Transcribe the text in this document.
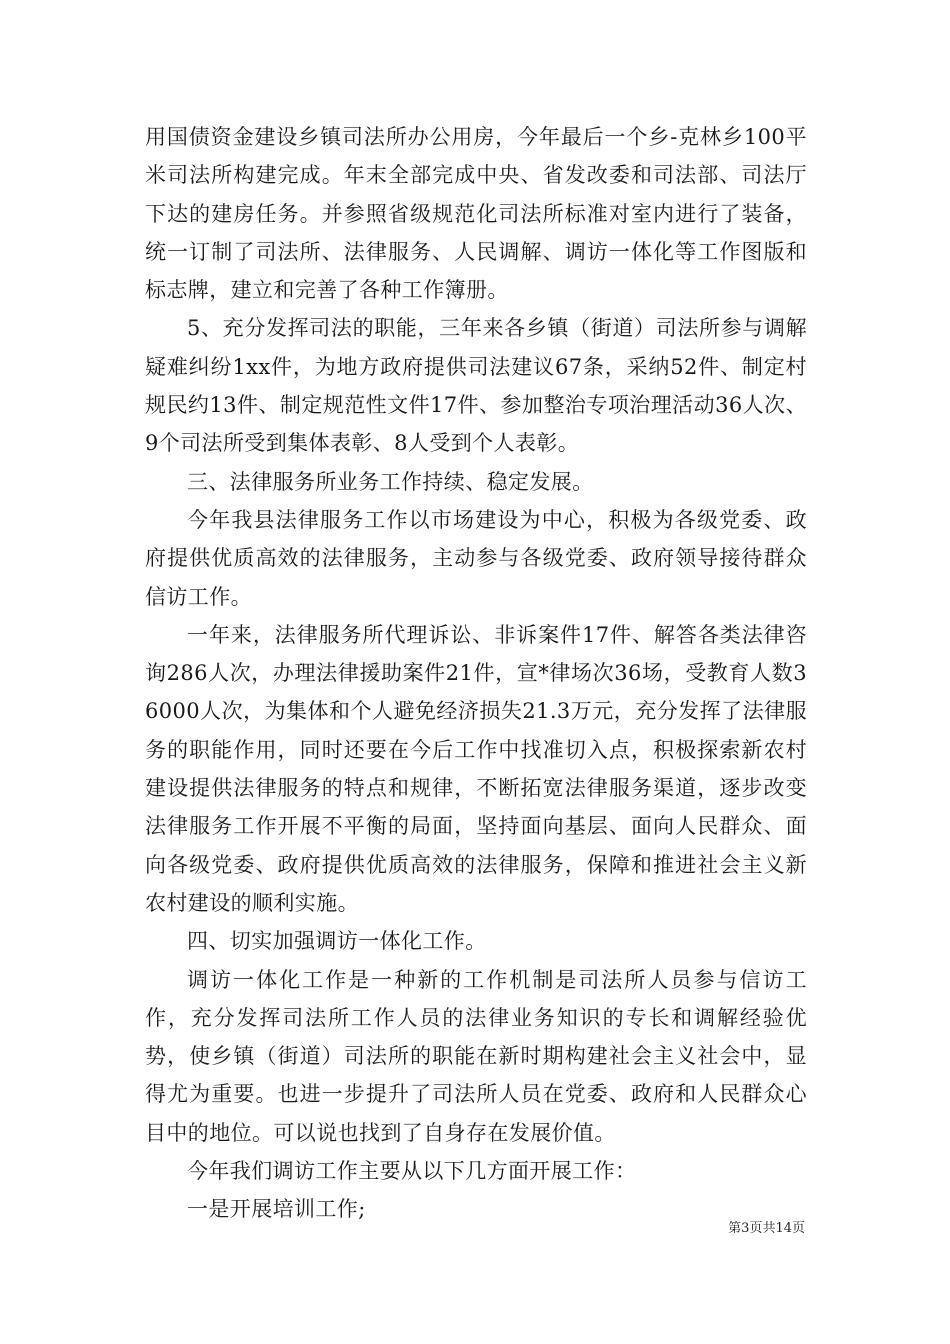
用国债资金建设乡镇司法所办公用房，今年最后一个乡-克林乡100平米司法所构建完成。年末全部完成中央、省发改委和司法部、司法厅下达的建房任务。并参照省级规范化司法所标准对室内进行了装备，统一订制了司法所、法律服务、人民调解、调访一体化等工作图版和标志牌，建立和完善了各种工作簿册。

5、充分发挥司法的职能，三年来各乡镇（街道）司法所参与调解疑难纠纷1xx件，为地方政府提供司法建议67条，采纳52件、制定村规民约13件、制定规范性文件17件、参加整治专项治理活动36人次、9个司法所受到集体表彰、8人受到个人表彰。

三、法律服务所业务工作持续、稳定发展。

今年我县法律服务工作以市场建设为中心，积极为各级党委、政府提供优质高效的法律服务，主动参与各级党委、政府领导接待群众信访工作。

一年来，法律服务所代理诉讼、非诉案件17件、解答各类法律咨询286人次，办理法律援助案件21件，宣*律场次36场，受教育人数36000人次，为集体和个人避免经济损失21.3万元，充分发挥了法律服务的职能作用，同时还要在今后工作中找准切入点，积极探索新农村建设提供法律服务的特点和规律，不断拓宽法律服务渠道，逐步改变法律服务工作开展不平衡的局面，坚持面向基层、面向人民群众、面向各级党委、政府提供优质高效的法律服务，保障和推进社会主义新农村建设的顺利实施。

四、切实加强调访一体化工作。

调访一体化工作是一种新的工作机制是司法所人员参与信访工作，充分发挥司法所工作人员的法律业务知识的专长和调解经验优势，使乡镇（街道）司法所的职能在新时期构建社会主义社会中，显得尤为重要。也进一步提升了司法所人员在党委、政府和人民群众心目中的地位。可以说也找到了自身存在发展价值。

今年我们调访工作主要从以下几方面开展工作：

一是开展培训工作;

第3页共14页
